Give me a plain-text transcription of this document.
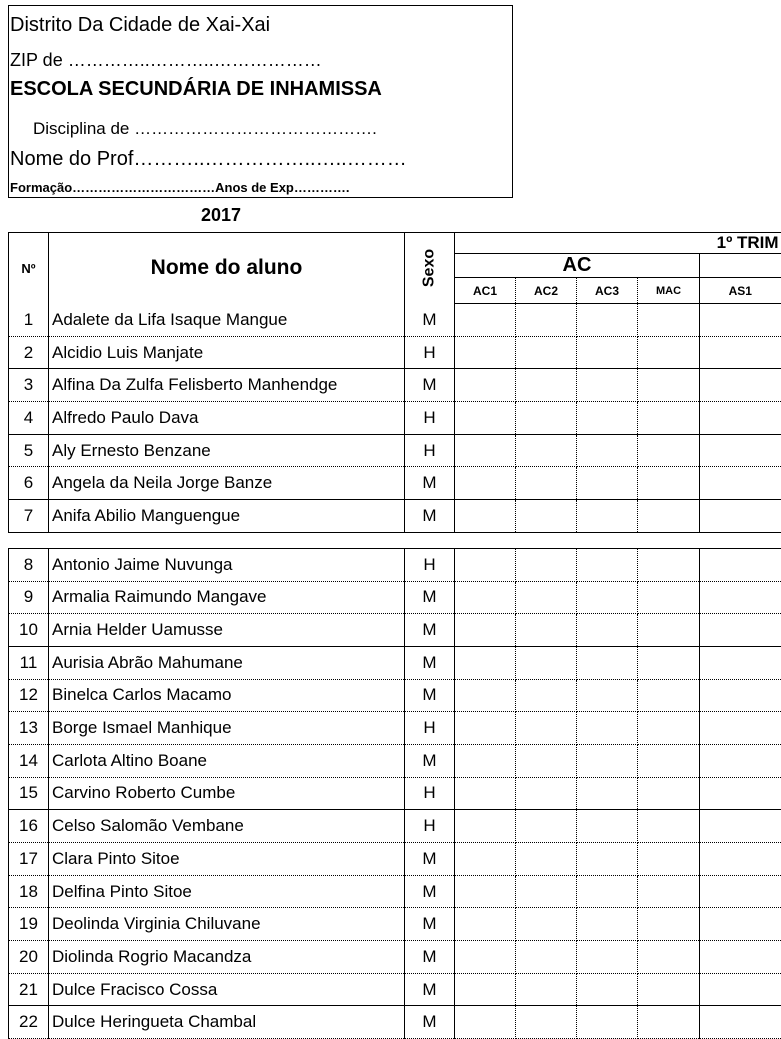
Distrito Da Cidade de Xai-Xai
ZIP de …………..………..………………
ESCOLA SECUNDÁRIA DE INHAMISSA
Disciplina de …………………………………….
Nome do Prof………..……………..…..………
Formação……………………………Anos de Exp………….
2017
Nº	Nome do aluno	Sexo	1º TRIM				
			AC				
			AC1	AC2	AC3	MAC	AS1
1	Adalete da Lifa Isaque Mangue	M					
2	Alcidio Luis Manjate	H					
3	Alfina Da Zulfa Felisberto Manhendge	M					
4	Alfredo Paulo Dava	H					
5	Aly Ernesto Benzane	H					
6	Angela da Neila Jorge Banze	M					
7	Anifa Abilio Manguengue	M					

8	Antonio Jaime Nuvunga	H					
9	Armalia Raimundo Mangave	M					
10	Arnia Helder Uamusse	M					
11	Aurisia Abrão Mahumane	M					
12	Binelca Carlos Macamo	M					
13	Borge Ismael Manhique	H					
14	Carlota Altino Boane	M					
15	Carvino Roberto Cumbe	H					
16	Celso Salomão Vembane	H					
17	Clara Pinto Sitoe	M					
18	Delfina Pinto Sitoe	M					
19	Deolinda Virginia Chiluvane	M					
20	Diolinda Rogrio Macandza	M					
21	Dulce Fracisco Cossa	M					
22	Dulce Heringueta Chambal	M					
